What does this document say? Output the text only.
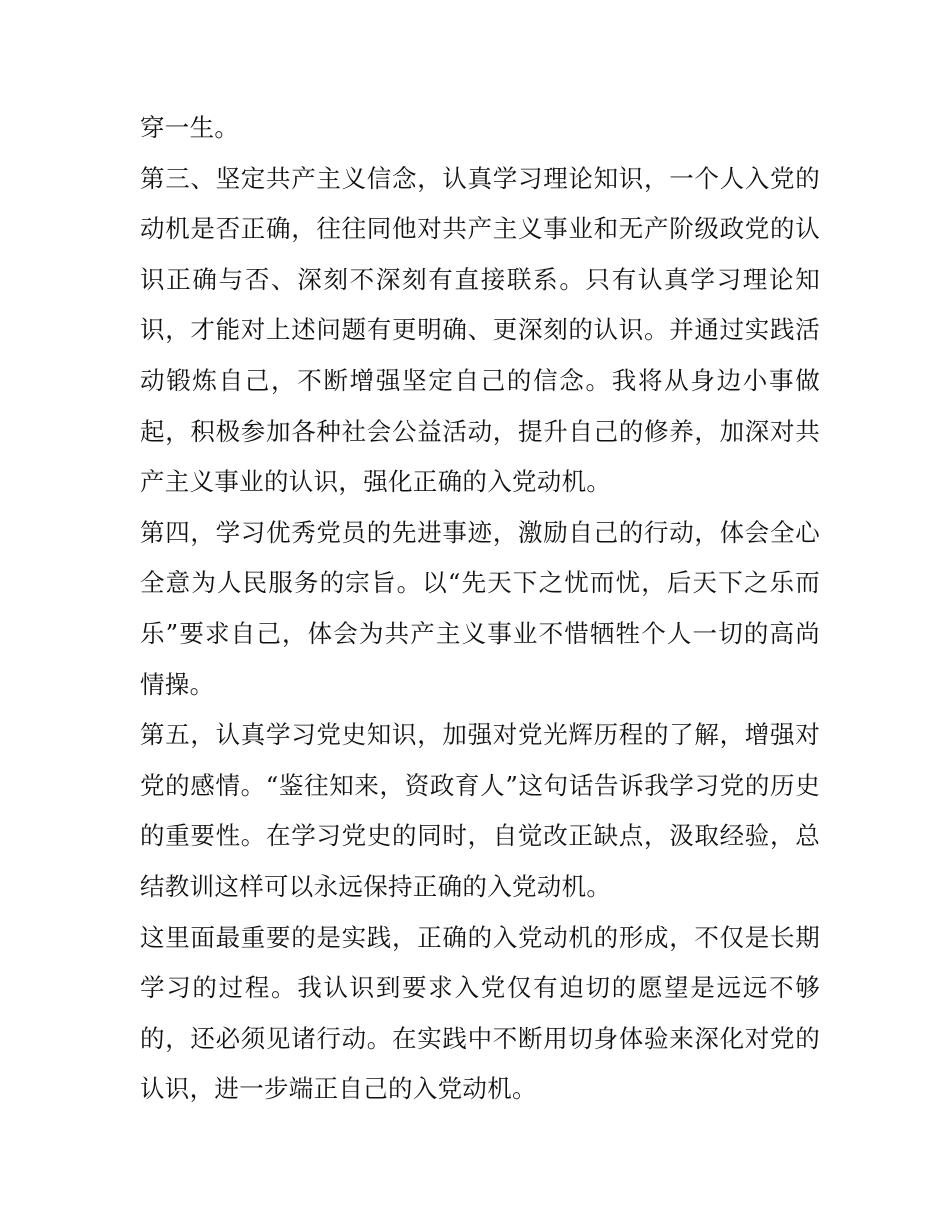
穿一生。

第三、坚定共产主义信念，认真学习理论知识，一个人入党的动机是否正确，往往同他对共产主义事业和无产阶级政党的认识正确与否、深刻不深刻有直接联系。只有认真学习理论知识，才能对上述问题有更明确、更深刻的认识。并通过实践活动锻炼自己，不断增强坚定自己的信念。我将从身边小事做起，积极参加各种社会公益活动，提升自己的修养，加深对共产主义事业的认识，强化正确的入党动机。

第四，学习优秀党员的先进事迹，激励自己的行动，体会全心全意为人民服务的宗旨。以“先天下之忧而忧，后天下之乐而乐”要求自己，体会为共产主义事业不惜牺牲个人一切的高尚情操。

第五，认真学习党史知识，加强对党光辉历程的了解，增强对党的感情。“鉴往知来，资政育人”这句话告诉我学习党的历史的重要性。在学习党史的同时，自觉改正缺点，汲取经验，总结教训这样可以永远保持正确的入党动机。

这里面最重要的是实践，正确的入党动机的形成，不仅是长期学习的过程。我认识到要求入党仅有迫切的愿望是远远不够的，还必须见诸行动。在实践中不断用切身体验来深化对党的认识，进一步端正自己的入党动机。
